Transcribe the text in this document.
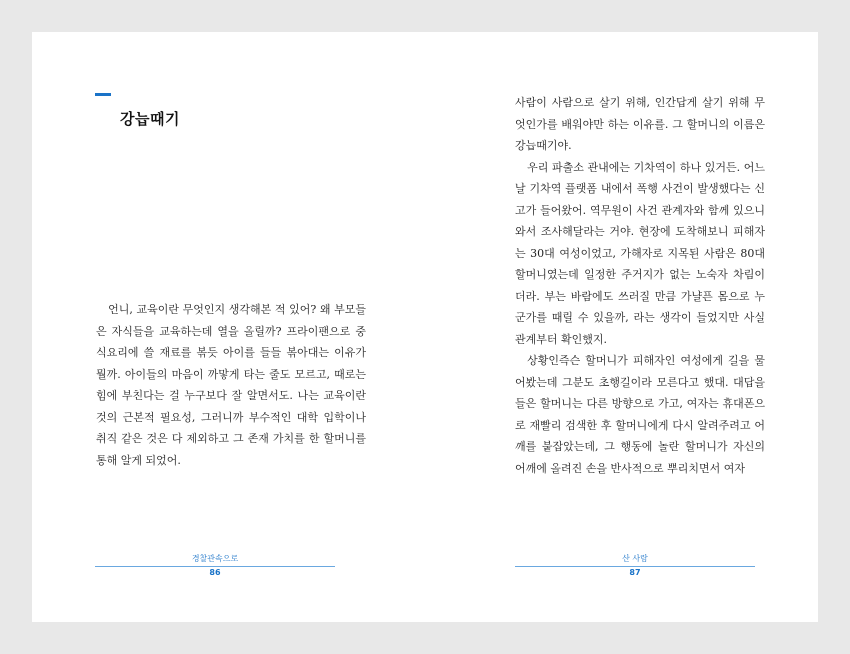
강늡때기

언니, 교육이란 무엇인지 생각해본 적 있어? 왜 부모들은 자식들을 교육하는데 열을 올릴까? 프라이팬으로 중식요리에 쓸 재료를 볶듯 아이를 들들 볶아대는 이유가 뭘까. 아이들의 마음이 까맣게 타는 줄도 모르고, 때로는 힘에 부친다는 걸 누구보다 잘 알면서도. 나는 교육이란 것의 근본적 필요성, 그러니까 부수적인 대학 입학이나 취직 같은 것은 다 제외하고 그 존재 가치를 한 할머니를 통해 알게 되었어.

경찰관속으로
86

사람이 사람으로 살기 위해, 인간답게 살기 위해 무엇인가를 배워야만 하는 이유를. 그 할머니의 이름은 강늡때기야.

우리 파출소 관내에는 기차역이 하나 있거든. 어느 날 기차역 플랫폼 내에서 폭행 사건이 발생했다는 신고가 들어왔어. 역무원이 사건 관계자와 함께 있으니 와서 조사해달라는 거야. 현장에 도착해보니 피해자는 30대 여성이었고, 가해자로 지목된 사람은 80대 할머니였는데 일정한 주거지가 없는 노숙자 차림이더라. 부는 바람에도 쓰러질 만큼 가냘픈 몸으로 누군가를 때릴 수 있을까, 라는 생각이 들었지만 사실관계부터 확인했지.

상황인즉슨 할머니가 피해자인 여성에게 길을 물어봤는데 그분도 초행길이라 모른다고 했대. 대답을 들은 할머니는 다른 방향으로 가고, 여자는 휴대폰으로 재빨리 검색한 후 할머니에게 다시 알려주려고 어깨를 붙잡았는데, 그 행동에 놀란 할머니가 자신의 어깨에 올려진 손을 반사적으로 뿌리치면서 여자

산 사람
87
